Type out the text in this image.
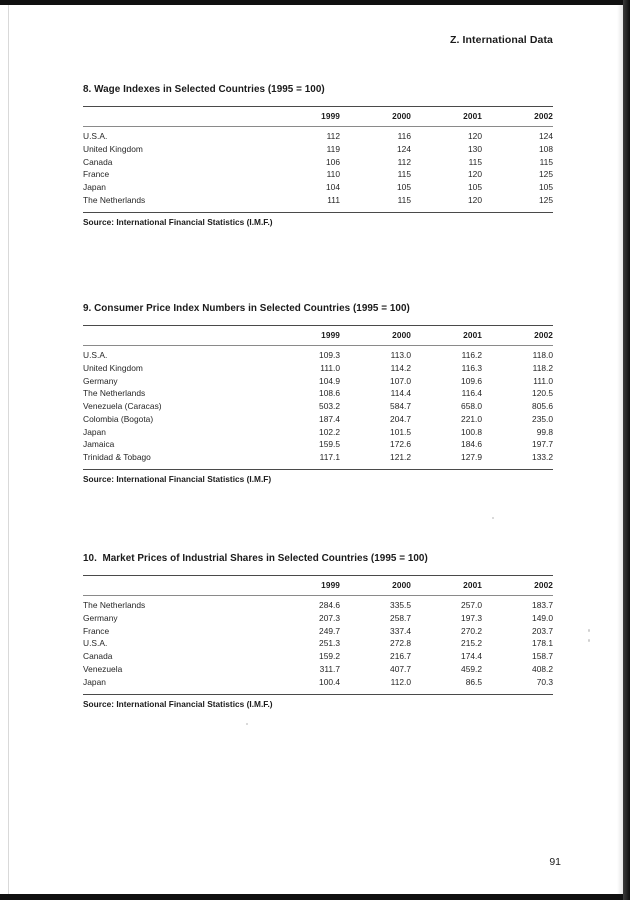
Z. International Data
8. Wage Indexes in Selected Countries (1995 = 100)
	1999	2000	2001	2002
U.S.A.	112	116	120	124
United Kingdom	119	124	130	108
Canada	106	112	115	115
France	110	115	120	125
Japan	104	105	105	105
The Netherlands	111	115	120	125
Source: International Financial Statistics (I.M.F.)
9. Consumer Price Index Numbers in Selected Countries (1995 = 100)
	1999	2000	2001	2002
U.S.A.	109.3	113.0	116.2	118.0
United Kingdom	111.0	114.2	116.3	118.2
Germany	104.9	107.0	109.6	111.0
The Netherlands	108.6	114.4	116.4	120.5
Venezuela (Caracas)	503.2	584.7	658.0	805.6
Colombia (Bogota)	187.4	204.7	221.0	235.0
Japan	102.2	101.5	100.8	99.8
Jamaica	159.5	172.6	184.6	197.7
Trinidad & Tobago	117.1	121.2	127.9	133.2
Source: International Financial Statistics (I.M.F)
10.  Market Prices of Industrial Shares in Selected Countries (1995 = 100)
	1999	2000	2001	2002
The Netherlands	284.6	335.5	257.0	183.7
Germany	207.3	258.7	197.3	149.0
France	249.7	337.4	270.2	203.7
U.S.A.	251.3	272.8	215.2	178.1
Canada	159.2	216.7	174.4	158.7
Venezuela	311.7	407.7	459.2	408.2
Japan	100.4	112.0	86.5	70.3
Source: International Financial Statistics (I.M.F.)
91
